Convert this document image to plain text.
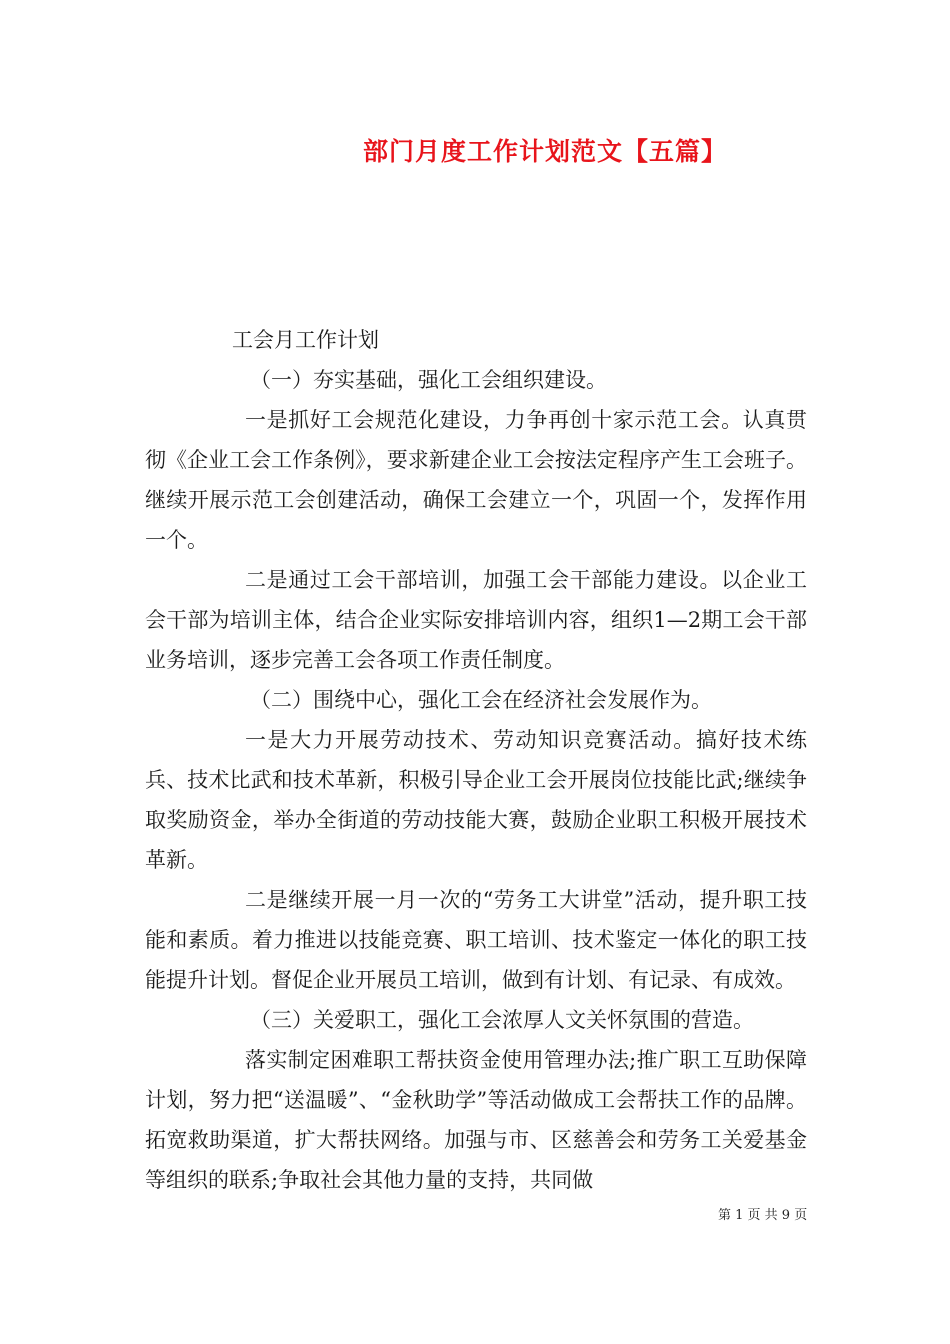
部门月度工作计划范文【五篇】
工会月工作计划

（一）夯实基础，强化工会组织建设。

一是抓好工会规范化建设，力争再创十家示范工会。认真贯彻《企业工会工作条例》，要求新建企业工会按法定程序产生工会班子。继续开展示范工会创建活动，确保工会建立一个，巩固一个，发挥作用一个。

二是通过工会干部培训，加强工会干部能力建设。以企业工会干部为培训主体，结合企业实际安排培训内容，组织1—2期工会干部业务培训，逐步完善工会各项工作责任制度。

（二）围绕中心，强化工会在经济社会发展作为。

一是大力开展劳动技术、劳动知识竞赛活动。搞好技术练兵、技术比武和技术革新，积极引导企业工会开展岗位技能比武;继续争取奖励资金，举办全街道的劳动技能大赛，鼓励企业职工积极开展技术革新。

二是继续开展一月一次的“劳务工大讲堂”活动，提升职工技能和素质。着力推进以技能竞赛、职工培训、技术鉴定一体化的职工技能提升计划。督促企业开展员工培训，做到有计划、有记录、有成效。

（三）关爱职工，强化工会浓厚人文关怀氛围的营造。

落实制定困难职工帮扶资金使用管理办法;推广职工互助保障计划，努力把“送温暖”、“金秋助学”等活动做成工会帮扶工作的品牌。拓宽救助渠道，扩大帮扶网络。加强与市、区慈善会和劳务工关爱基金等组织的联系;争取社会其他力量的支持，共同做

第 1 页 共 9 页
